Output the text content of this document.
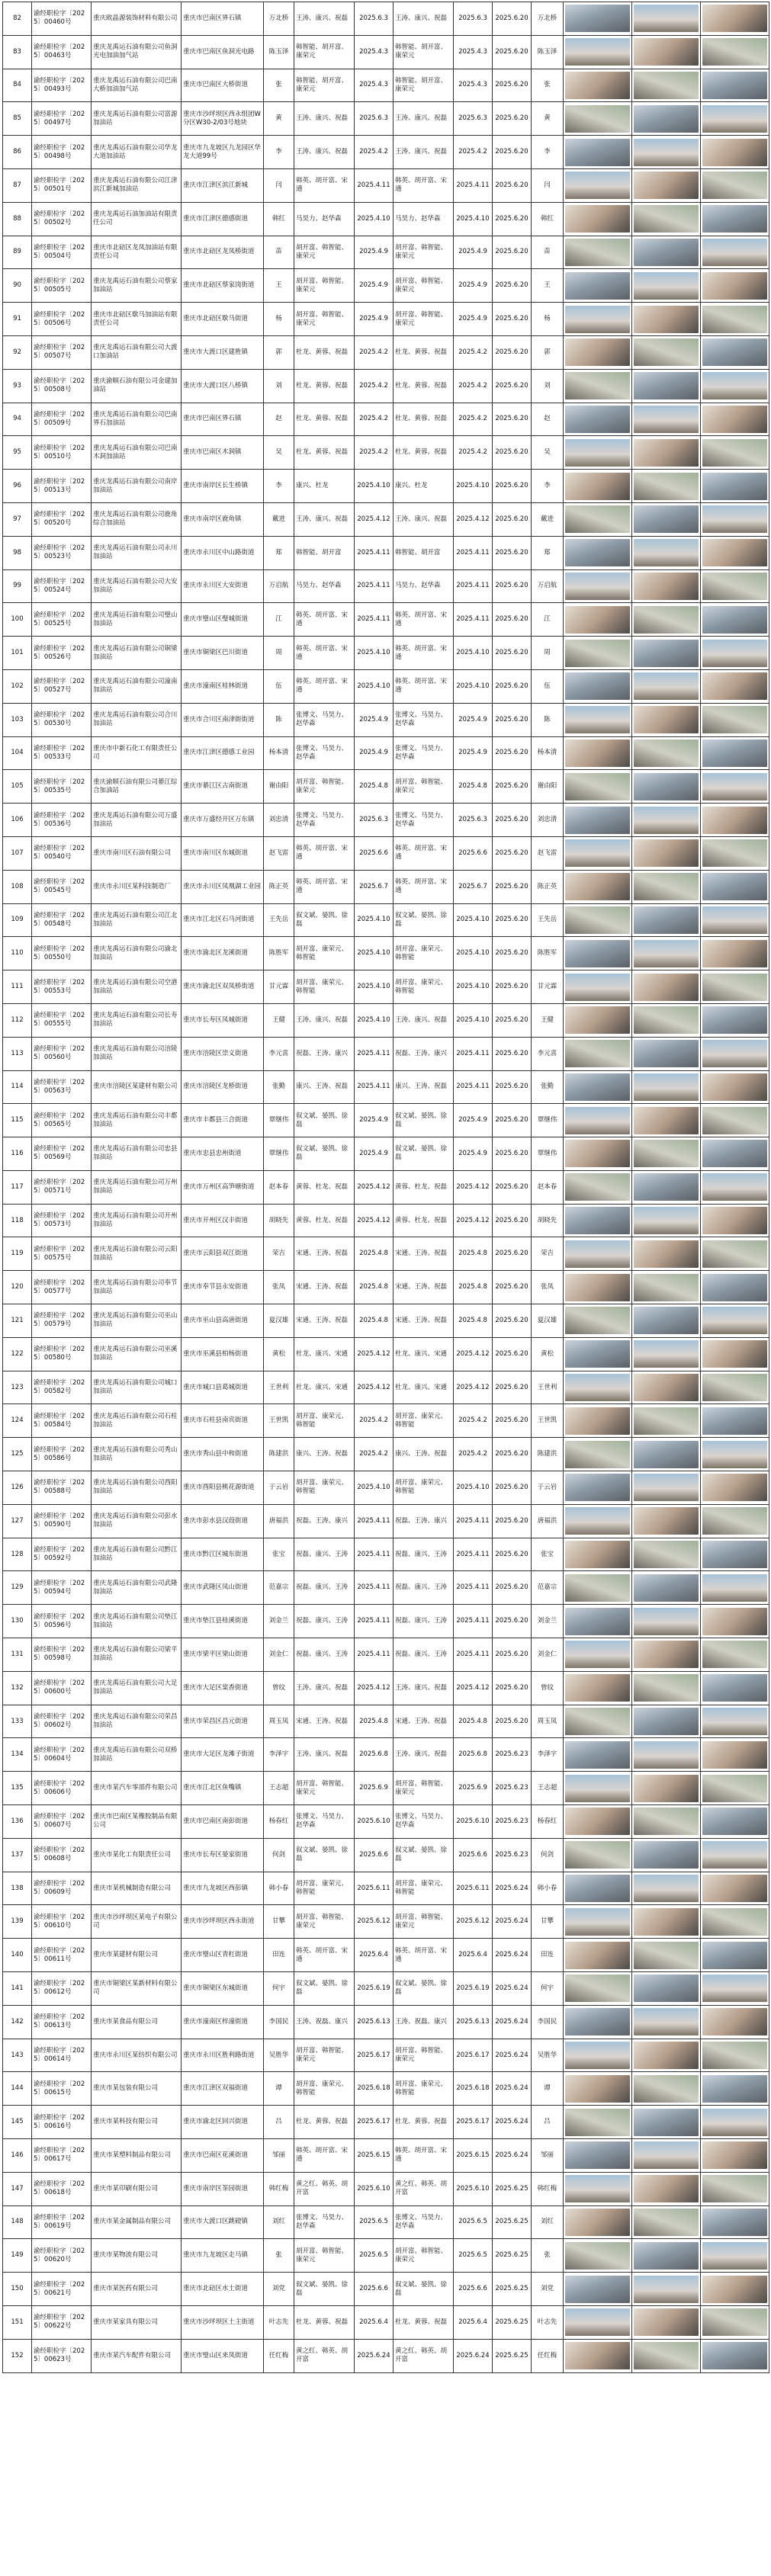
82	渝经职检字〔2025〕00460号	重庆欧晶源装饰材料有限公司	重庆市巴南区界石镇	万北桥	王涛、康兴、祝磊	2025.6.3	王涛、康兴、祝磊	2025.6.3	2025.6.20	万北桥	

83	渝经职检字〔2025〕00463号	重庆龙禹运石油有限公司鱼洞光电加油加气站	重庆市巴南区鱼洞光电路	陈玉泽	韩智能、胡开富、康荣元	2025.4.3	韩智能、胡开富、康荣元	2025.4.3	2025.6.20	陈玉泽	

84	渝经职检字〔2025〕00493号	重庆龙禹运石油有限公司巴南大桥加油加气站	重庆市巴南区大桥街道	张	韩智能、胡开富、康荣元	2025.4.3	韩智能、胡开富、康荣元	2025.4.3	2025.6.20	张	

85	渝经职检字〔2025〕00497号	重庆龙禹运石油有限公司富源加油站	重庆市沙坪坝区西永组团W分区W30-2/03号地块	黄	王涛、康兴、祝磊	2025.6.3	王涛、康兴、祝磊	2025.6.3	2025.6.20	黄	

86	渝经职检字〔2025〕00498号	重庆龙禹运石油有限公司华龙大道加油站	重庆市九龙坡区九龙园区华龙大道99号	李	王涛、康兴、祝磊	2025.4.2	王涛、康兴、祝磊	2025.4.2	2025.6.20	李	

87	渝经职检字〔2025〕00501号	重庆龙禹运石油有限公司江津滨江新城加油站	重庆市江津区滨江新城	闫	韩英、胡开富、宋通	2025.4.11	韩英、胡开富、宋通	2025.4.11	2025.6.20	闫	

88	渝经职检字〔2025〕00502号	重庆龙禹运石油加油站有限责任公司	重庆市江津区德感街道	韩红	马昊力、赵华森	2025.4.10	马昊力、赵华森	2025.4.10	2025.6.20	韩红	

89	渝经职检字〔2025〕00504号	重庆市北碚区龙凤加油站有限责任公司	重庆市北碚区龙凤桥街道	苗	胡开富、韩智能、康荣元	2025.4.9	胡开富、韩智能、康荣元	2025.4.9	2025.6.20	苗	

90	渝经职检字〔2025〕00505号	重庆龙禹运石油有限公司蔡家加油站	重庆市北碚区蔡家岗街道	王	胡开富、韩智能、康荣元	2025.4.9	胡开富、韩智能、康荣元	2025.4.9	2025.6.20	王	

91	渝经职检字〔2025〕00506号	重庆市北碚区歇马加油站有限责任公司	重庆市北碚区歇马街道	杨	胡开富、韩智能、康荣元	2025.4.9	胡开富、韩智能、康荣元	2025.4.9	2025.6.20	杨	

92	渝经职检字〔2025〕00507号	重庆龙禹运石油有限公司大渡口加油站	重庆市大渡口区建胜镇	郭	杜龙、黄蓉、祝磊	2025.4.2	杜龙、黄蓉、祝磊	2025.4.2	2025.6.20	郭	

93	渝经职检字〔2025〕00508号	重庆渝顺石油有限公司金建加油站	重庆市大渡口区八桥镇	刘	杜龙、黄蓉、祝磊	2025.4.2	杜龙、黄蓉、祝磊	2025.4.2	2025.6.20	刘	

94	渝经职检字〔2025〕00509号	重庆龙禹运石油有限公司巴南界石加油站	重庆市巴南区界石镇	赵	杜龙、黄蓉、祝磊	2025.4.2	杜龙、黄蓉、祝磊	2025.4.2	2025.6.20	赵	

95	渝经职检字〔2025〕00510号	重庆龙禹运石油有限公司巴南木洞加油站	重庆市巴南区木洞镇	吴	杜龙、黄蓉、祝磊	2025.4.2	杜龙、黄蓉、祝磊	2025.4.2	2025.6.20	吴	

96	渝经职检字〔2025〕00513号	重庆龙禹运石油有限公司南岸加油站	重庆市南岸区长生桥镇	李	康兴、杜龙	2025.4.10	康兴、杜龙	2025.4.10	2025.6.20	李	

97	渝经职检字〔2025〕00520号	重庆龙禹运石油有限公司鹿角综合加油站	重庆市南岸区鹿角镇	戴进	王涛、康兴、祝磊	2025.4.12	王涛、康兴、祝磊	2025.4.12	2025.6.20	戴进	

98	渝经职检字〔2025〕00523号	重庆龙禹运石油有限公司永川加油站	重庆市永川区中山路街道	郑	韩智能、胡开富	2025.4.11	韩智能、胡开富	2025.4.11	2025.6.20	郑	

99	渝经职检字〔2025〕00524号	重庆龙禹运石油有限公司大安加油站	重庆市永川区大安街道	万启航	马昊力、赵华森	2025.4.11	马昊力、赵华森	2025.4.11	2025.6.20	万启航	

100	渝经职检字〔2025〕00525号	重庆龙禹运石油有限公司璧山加油站	重庆市璧山区璧城街道	江	韩英、胡开富、宋通	2025.4.11	韩英、胡开富、宋通	2025.4.11	2025.6.20	江	

101	渝经职检字〔2025〕00526号	重庆龙禹运石油有限公司铜梁加油站	重庆市铜梁区巴川街道	周	韩英、胡开富、宋通	2025.4.10	韩英、胡开富、宋通	2025.4.10	2025.6.20	周	

102	渝经职检字〔2025〕00527号	重庆龙禹运石油有限公司潼南加油站	重庆市潼南区桂林街道	伍	韩英、胡开富、宋通	2025.4.10	韩英、胡开富、宋通	2025.4.10	2025.6.20	伍	

103	渝经职检字〔2025〕00530号	重庆龙禹运石油有限公司合川加油站	重庆市合川区南津街街道	陈	张博文、马昊力、赵华森	2025.4.9	张博文、马昊力、赵华森	2025.4.9	2025.6.20	陈	

104	渝经职检字〔2025〕00533号	重庆市中新石化工有限责任公司	重庆市江津区德感工业园	杨本清	张博文、马昊力、赵华森	2025.4.9	张博文、马昊力、赵华森	2025.4.9	2025.6.20	杨本清	

105	渝经职检字〔2025〕00535号	重庆渝顺石油有限公司綦江综合加油站	重庆市綦江区古南街道	谢由阳	胡开富、韩智能、康荣元	2025.4.8	胡开富、韩智能、康荣元	2025.4.8	2025.6.20	谢由阳	

106	渝经职检字〔2025〕00536号	重庆龙禹运石油有限公司万盛加油站	重庆市万盛经开区万东镇	刘忠清	张博文、马昊力、赵华森	2025.6.3	张博文、马昊力、赵华森	2025.6.3	2025.6.20	刘忠清	

107	渝经职检字〔2025〕00540号	重庆市南川区石油有限公司	重庆市南川区东城街道	赵飞雷	韩英、胡开富、宋通	2025.6.6	韩英、胡开富、宋通	2025.6.6	2025.6.20	赵飞雷	

108	渝经职检字〔2025〕00545号	重庆市永川区某科技制造厂	重庆市永川区凤凰湖工业园	陈正英	韩英、胡开富、宋通	2025.6.7	韩英、胡开富、宋通	2025.6.7	2025.6.20	陈正英	

109	渝经职检字〔2025〕00548号	重庆龙禹运石油有限公司江北加油站	重庆市江北区石马河街道	王先岳	叙文斌、晏凯、徐磊	2025.4.10	叙文斌、晏凯、徐磊	2025.4.10	2025.6.20	王先岳	

110	渝经职检字〔2025〕00550号	重庆龙禹运石油有限公司渝北加油站	重庆市渝北区龙溪街道	陈胜军	胡开富、康荣元、韩智能	2025.4.10	胡开富、康荣元、韩智能	2025.4.10	2025.6.20	陈胜军	

111	渝经职检字〔2025〕00553号	重庆龙禹运石油有限公司空港加油站	重庆市渝北区双凤桥街道	甘元霖	胡开富、康荣元、韩智能	2025.4.10	胡开富、康荣元、韩智能	2025.4.10	2025.6.20	甘元霖	

112	渝经职检字〔2025〕00555号	重庆龙禹运石油有限公司长寿加油站	重庆市长寿区凤城街道	王健	王涛、康兴、祝磊	2025.4.10	王涛、康兴、祝磊	2025.4.10	2025.6.20	王健	

113	渝经职检字〔2025〕00560号	重庆龙禹运石油有限公司涪陵加油站	重庆市涪陵区崇义街道	李元喜	祝磊、王涛、康兴	2025.4.11	祝磊、王涛、康兴	2025.4.11	2025.6.20	李元喜	

114	渝经职检字〔2025〕00563号	重庆市涪陵区某建材有限公司	重庆市涪陵区龙桥街道	张勤	康兴、王涛、祝磊	2025.4.11	康兴、王涛、祝磊	2025.4.11	2025.6.20	张勤	

115	渝经职检字〔2025〕00565号	重庆龙禹运石油有限公司丰都加油站	重庆市丰都县三合街道	覃继伟	叙文斌、晏凯、徐磊	2025.4.9	叙文斌、晏凯、徐磊	2025.4.9	2025.6.20	覃继伟	

116	渝经职检字〔2025〕00569号	重庆龙禹运石油有限公司忠县加油站	重庆市忠县忠州街道	覃继伟	叙文斌、晏凯、徐磊	2025.4.9	叙文斌、晏凯、徐磊	2025.4.9	2025.6.20	覃继伟	

117	渝经职检字〔2025〕00571号	重庆龙禹运石油有限公司万州加油站	重庆市万州区高笋塘街道	赵本春	黄蓉、杜龙、祝磊	2025.4.12	黄蓉、杜龙、祝磊	2025.4.12	2025.6.20	赵本春	

118	渝经职检字〔2025〕00573号	重庆龙禹运石油有限公司开州加油站	重庆市开州区汉丰街道	胡晓先	黄蓉、杜龙、祝磊	2025.4.12	黄蓉、杜龙、祝磊	2025.4.12	2025.6.20	胡晓先	

119	渝经职检字〔2025〕00575号	重庆龙禹运石油有限公司云阳加油站	重庆市云阳县双江街道	荣吉	宋通、王涛、祝磊	2025.4.8	宋通、王涛、祝磊	2025.4.8	2025.6.20	荣吉	

120	渝经职检字〔2025〕00577号	重庆龙禹运石油有限公司奉节加油站	重庆市奉节县永安街道	张凤	宋通、王涛、祝磊	2025.4.8	宋通、王涛、祝磊	2025.4.8	2025.6.20	张凤	

121	渝经职检字〔2025〕00579号	重庆龙禹运石油有限公司巫山加油站	重庆市巫山县高唐街道	夏汉雄	宋通、王涛、祝磊	2025.4.8	宋通、王涛、祝磊	2025.4.8	2025.6.20	夏汉雄	

122	渝经职检字〔2025〕00580号	重庆龙禹运石油有限公司巫溪加油站	重庆市巫溪县柏杨街道	黄松	杜龙、康兴、宋通	2025.4.12	杜龙、康兴、宋通	2025.4.12	2025.6.20	黄松	

123	渝经职检字〔2025〕00582号	重庆龙禹运石油有限公司城口加油站	重庆市城口县葛城街道	王世利	杜龙、康兴、宋通	2025.4.12	杜龙、康兴、宋通	2025.4.12	2025.6.20	王世利	

124	渝经职检字〔2025〕00584号	重庆龙禹运石油有限公司石柱加油站	重庆市石柱县南宾街道	王世凯	胡开富、康荣元、韩智能	2025.4.2	胡开富、康荣元、韩智能	2025.4.2	2025.6.20	王世凯	

125	渝经职检字〔2025〕00586号	重庆龙禹运石油有限公司秀山加油站	重庆市秀山县中和街道	陈建洪	康兴、王涛、祝磊	2025.4.2	康兴、王涛、祝磊	2025.4.2	2025.6.20	陈建洪	

126	渝经职检字〔2025〕00588号	重庆龙禹运石油有限公司酉阳加油站	重庆市酉阳县桃花源街道	于云岩	胡开富、康荣元、韩智能	2025.4.10	胡开富、康荣元、韩智能	2025.4.10	2025.6.20	于云岩	

127	渝经职检字〔2025〕00590号	重庆龙禹运石油有限公司彭水加油站	重庆市彭水县汉葭街道	唐福洪	祝磊、王涛、康兴	2025.4.11	祝磊、王涛、康兴	2025.4.11	2025.6.20	唐福洪	

128	渝经职检字〔2025〕00592号	重庆龙禹运石油有限公司黔江加油站	重庆市黔江区城东街道	张宝	祝磊、康兴、王涛	2025.4.11	祝磊、康兴、王涛	2025.4.11	2025.6.20	张宝	

129	渝经职检字〔2025〕00594号	重庆龙禹运石油有限公司武隆加油站	重庆市武隆区凤山街道	范嘉宗	祝磊、康兴、王涛	2025.4.11	祝磊、康兴、王涛	2025.4.11	2025.6.20	范嘉宗	

130	渝经职检字〔2025〕00596号	重庆龙禹运石油有限公司垫江加油站	重庆市垫江县桂溪街道	刘金兰	祝磊、康兴、王涛	2025.4.11	祝磊、康兴、王涛	2025.4.11	2025.6.20	刘金兰	

131	渝经职检字〔2025〕00598号	重庆龙禹运石油有限公司梁平加油站	重庆市梁平区梁山街道	刘金仁	祝磊、康兴、王涛	2025.4.11	祝磊、康兴、王涛	2025.4.11	2025.6.20	刘金仁	

132	渝经职检字〔2025〕00600号	重庆龙禹运石油有限公司大足加油站	重庆市大足区棠香街道	曾纹	王涛、康兴、祝磊	2025.4.12	王涛、康兴、祝磊	2025.4.12	2025.6.20	曾纹	

133	渝经职检字〔2025〕00602号	重庆龙禹运石油有限公司荣昌加油站	重庆市荣昌区昌元街道	周玉凤	宋通、王涛、祝磊	2025.4.8	宋通、王涛、祝磊	2025.4.8	2025.6.20	周玉凤	

134	渝经职检字〔2025〕00604号	重庆龙禹运石油有限公司双桥加油站	重庆市大足区龙滩子街道	李泽宇	王涛、康兴、祝磊	2025.6.8	王涛、康兴、祝磊	2025.6.8	2025.6.23	李泽宇	

135	渝经职检字〔2025〕00606号	重庆市某汽车零部件有限公司	重庆市江北区鱼嘴镇	王志超	胡开富、韩智能、康荣元	2025.6.9	胡开富、韩智能、康荣元	2025.6.9	2025.6.23	王志超	

136	渝经职检字〔2025〕00607号	重庆市巴南区某橡胶制品有限公司	重庆市巴南区南彭街道	杨春红	张博文、马昊力、赵华森	2025.6.10	张博文、马昊力、赵华森	2025.6.10	2025.6.23	杨春红	

137	渝经职检字〔2025〕00608号	重庆市某化工有限责任公司	重庆市长寿区晏家街道	何剑	叙文斌、晏凯、徐磊	2025.6.6	叙文斌、晏凯、徐磊	2025.6.6	2025.6.23	何剑	

138	渝经职检字〔2025〕00609号	重庆市某机械制造有限公司	重庆市九龙坡区西彭镇	韩小春	胡开富、康荣元、韩智能	2025.6.11	胡开富、康荣元、韩智能	2025.6.11	2025.6.24	韩小春	

139	渝经职检字〔2025〕00610号	重庆市沙坪坝区某电子有限公司	重庆市沙坪坝区西永街道	甘攀	胡开富、韩智能、康荣元	2025.6.12	胡开富、韩智能、康荣元	2025.6.12	2025.6.24	甘攀	

140	渝经职检字〔2025〕00611号	重庆市某建材有限公司	重庆市璧山区青杠街道	田连	韩英、胡开富、宋通	2025.6.4	韩英、胡开富、宋通	2025.6.4	2025.6.24	田连	

141	渝经职检字〔2025〕00612号	重庆市铜梁区某新材料有限公司	重庆市铜梁区东城街道	何宇	叙文斌、晏凯、徐磊	2025.6.19	叙文斌、晏凯、徐磊	2025.6.19	2025.6.24	何宇	

142	渝经职检字〔2025〕00613号	重庆市某食品有限公司	重庆市潼南区梓潼街道	李国民	王涛、祝磊、康兴	2025.6.13	王涛、祝磊、康兴	2025.6.13	2025.6.24	李国民	

143	渝经职检字〔2025〕00614号	重庆市永川区某纺织有限公司	重庆市永川区胜利路街道	吴胜华	胡开富、韩智能、康荣元	2025.6.17	胡开富、韩智能、康荣元	2025.6.17	2025.6.24	吴胜华	

144	渝经职检字〔2025〕00615号	重庆市某包装有限公司	重庆市江津区双福街道	谭	胡开富、康荣元、韩智能	2025.6.18	胡开富、康荣元、韩智能	2025.6.18	2025.6.24	谭	

145	渝经职检字〔2025〕00616号	重庆市某科技有限公司	重庆市渝北区回兴街道	吕	杜龙、黄蓉、祝磊	2025.6.17	杜龙、黄蓉、祝磊	2025.6.17	2025.6.24	吕	

146	渝经职检字〔2025〕00617号	重庆市某塑料制品有限公司	重庆市巴南区花溪街道	邹丽	韩英、胡开富、宋通	2025.6.15	韩英、胡开富、宋通	2025.6.15	2025.6.24	邹丽	

147	渝经职检字〔2025〕00618号	重庆市某印刷有限公司	重庆市南岸区茶园街道	韩红梅	黄之红、韩英、胡开富	2025.6.10	黄之红、韩英、胡开富	2025.6.10	2025.6.25	韩红梅	

148	渝经职检字〔2025〕00619号	重庆市某金属制品有限公司	重庆市大渡口区跳磴镇	刘红	张博文、马昊力、赵华森	2025.6.5	张博文、马昊力、赵华森	2025.6.5	2025.6.25	刘红	

149	渝经职检字〔2025〕00620号	重庆市某物流有限公司	重庆市九龙坡区走马镇	张	胡开富、韩智能、康荣元	2025.6.5	胡开富、韩智能、康荣元	2025.6.5	2025.6.25	张	

150	渝经职检字〔2025〕00621号	重庆市某医药有限公司	重庆市北碚区水土街道	刘党	叙文斌、晏凯、徐磊	2025.6.6	叙文斌、晏凯、徐磊	2025.6.6	2025.6.25	刘党	

151	渝经职检字〔2025〕00622号	重庆市某家具有限公司	重庆市沙坪坝区土主街道	叶志先	杜龙、黄蓉、祝磊	2025.6.4	杜龙、黄蓉、祝磊	2025.6.4	2025.6.25	叶志先	

152	渝经职检字〔2025〕00623号	重庆市某汽车配件有限公司	重庆市璧山区来凤街道	任红梅	黄之红、韩英、胡开富	2025.6.24	黄之红、韩英、胡开富	2025.6.24	2025.6.25	任红梅	
